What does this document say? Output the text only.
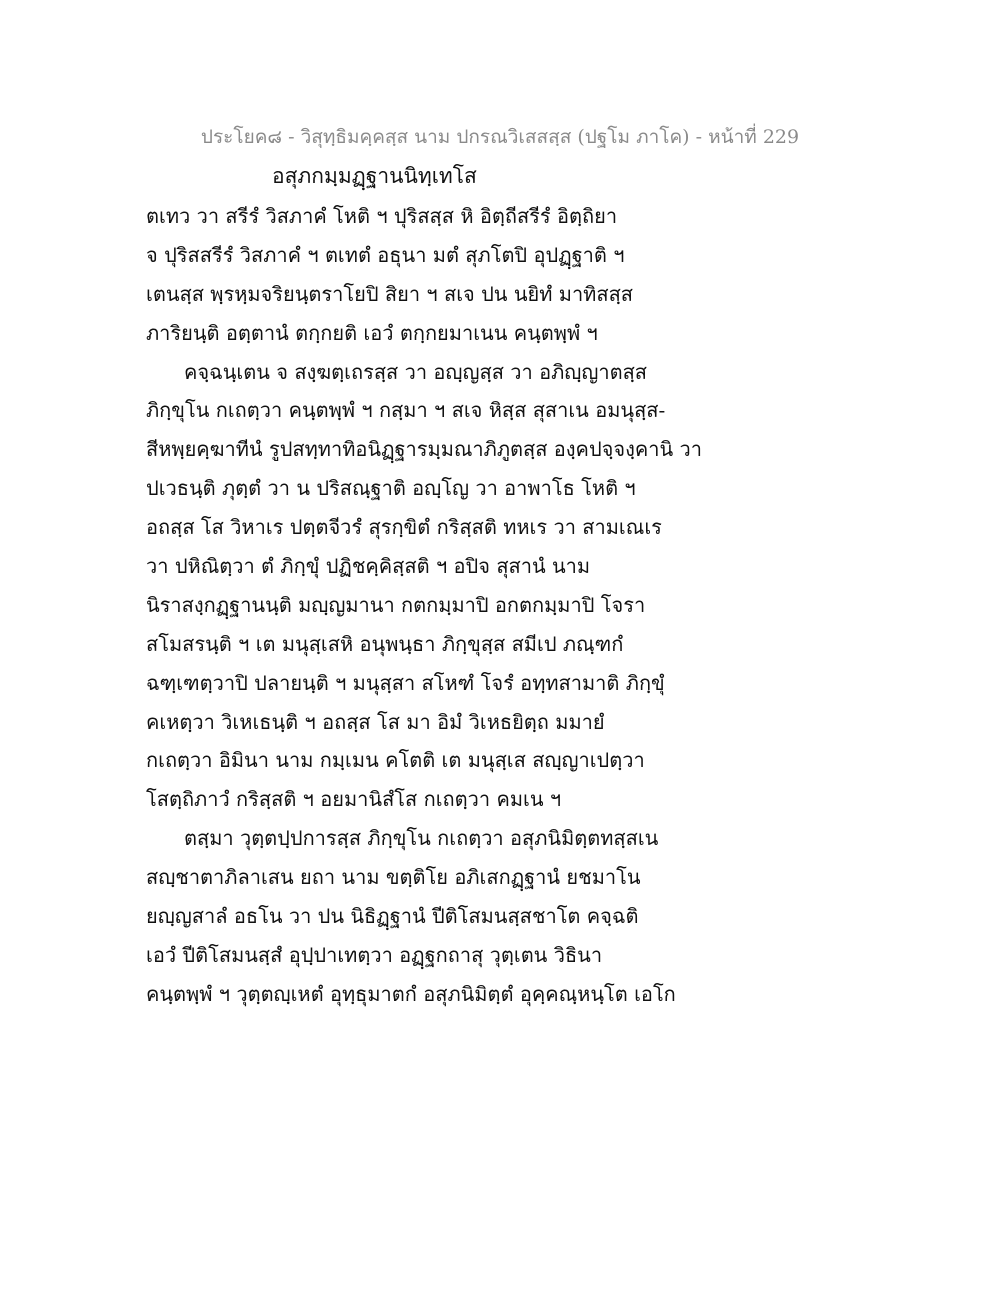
ประโยค๘ - วิสุทฺธิมคฺคสฺส นาม ปกรณวิเสสสฺส (ปฐโม ภาโค) - หน้าที่ 229
อสุภกมฺมฏฺฐานนิทฺเทโส
ตเทว วา สรีรํ วิสภาคํ โหติ ฯ ปุริสสฺส หิ อิตฺถีสรีรํ อิตฺถิยา
จ ปุริสสรีรํ วิสภาคํ ฯ ตเทตํ อธุนา มตํ สุภโตปิ อุปฏฺฐาติ ฯ
เตนสฺส พฺรหฺมจริยนฺตราโยปิ สิยา ฯ สเจ ปน นยิทํ มาทิสสฺส
ภาริยนฺติ อตฺตานํ ตกฺกยติ เอวํ ตกฺกยมาเนน คนฺตพฺพํ ฯ
คจฺฉนฺเตน จ สงฺฆตฺเถรสฺส วา อญฺญสฺส วา อภิญฺญาตสฺส
ภิกฺขุโน กเถตฺวา คนฺตพฺพํ ฯ กสฺมา ฯ สเจ หิสฺส สุสาเน อมนุสฺส-
สีหพฺยคฺฆาทีนํ รูปสทฺทาทิอนิฏฺฐารมฺมณาภิภูตสฺส องฺคปจฺจงฺคานิ วา
ปเวธนฺติ ภุตฺตํ วา น ปริสณฺฐาติ อญฺโญ วา อาพาโธ โหติ ฯ
อถสฺส โส วิหาเร ปตฺตจีวรํ สุรกฺขิตํ กริสฺสติ ทหเร วา สามเณเร
วา ปหิณิตฺวา ตํ ภิกฺขุํ ปฏิชคฺคิสฺสติ ฯ อปิจ สุสานํ นาม
นิราสงฺกฏฺฐานนฺติ มญฺญมานา กตกมฺมาปิ อกตกมฺมาปิ โจรา
สโมสรนฺติ ฯ เต มนุสฺเสหิ อนุพนฺธา ภิกฺขุสฺส สมีเป ภณฺฑกํ
ฉฑฺเฑตฺวาปิ ปลายนฺติ ฯ มนุสฺสา สโหฑํ โจรํ อทฺทสามาติ ภิกฺขุํ
คเหตฺวา วิเหเธนฺติ ฯ อถสฺส โส มา อิมํ วิเหธยิตฺถ มมายํ
กเถตฺวา อิมินา นาม กมฺเมน คโตติ เต มนุสฺเส สญฺญาเปตฺวา
โสตฺถิภาวํ กริสฺสติ ฯ อยมานิสํโส กเถตฺวา คมเน ฯ
ตสฺมา วุตฺตปฺปการสฺส ภิกฺขุโน กเถตฺวา อสุภนิมิตฺตทสฺสเน
สญฺชาตาภิลาเสน ยถา นาม ขตฺติโย อภิเสกฏฺฐานํ ยชมาโน
ยญฺญสาลํ อธโน วา ปน นิธิฏฺฐานํ ปีติโสมนสฺสชาโต คจฺฉติ
เอวํ ปีติโสมนสฺสํ อุปฺปาเทตฺวา อฏฺฐกถาสุ วุตฺเตน วิธินา
คนฺตพฺพํ ฯ วุตฺตญฺเหตํ อุทฺธุมาตกํ อสุภนิมิตฺตํ อุคฺคณฺหนฺโต เอโก
